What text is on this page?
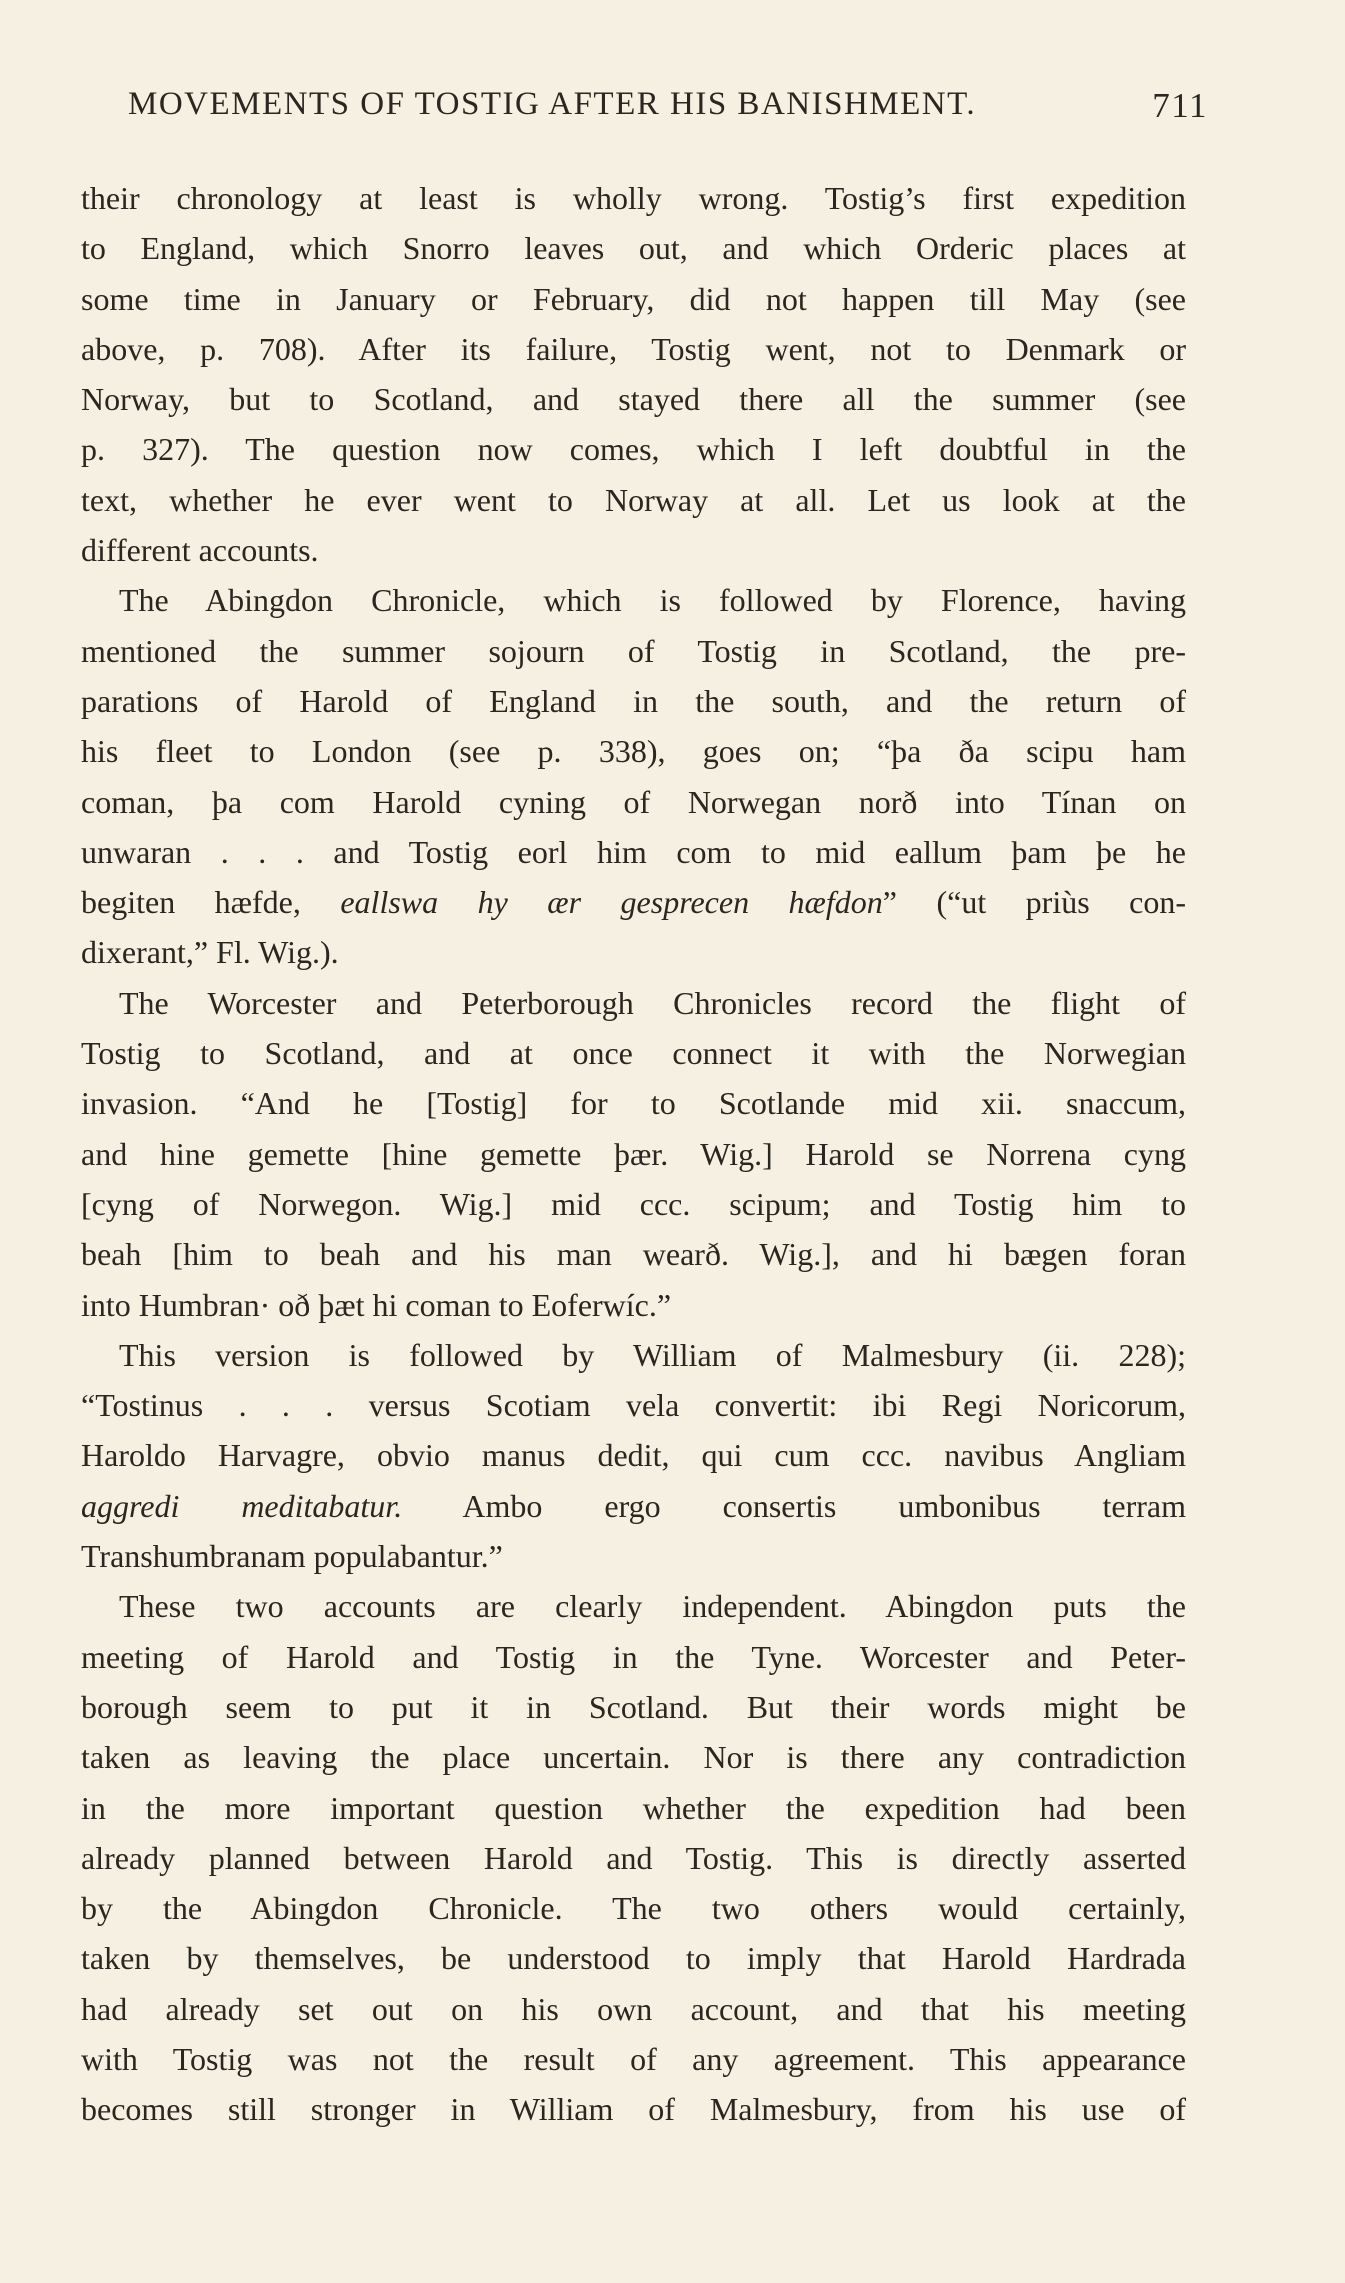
MOVEMENTS OF TOSTIG AFTER HIS BANISHMENT.	711
their chronology at least is wholly wrong. Tostig’s first expedition
to England, which Snorro leaves out, and which Orderic places at
some time in January or February, did not happen till May (see
above, p. 708). After its failure, Tostig went, not to Denmark or
Norway, but to Scotland, and stayed there all the summer (see
p. 327). The question now comes, which I left doubtful in the
text, whether he ever went to Norway at all. Let us look at the
different accounts.
The Abingdon Chronicle, which is followed by Florence, having
mentioned the summer sojourn of Tostig in Scotland, the pre-
parations of Harold of England in the south, and the return of
his fleet to London (see p. 338), goes on; “þa ðа scipu ham
coman, þa com Harold cyning of Norwegan norð into Tínan on
unwaran . . . and Tostig eorl him com to mid eallum þam þe he
begiten hæfde, eallswa hy ær gesprecen hæfdon” (“ut priùs con-
dixerant,” Fl. Wig.).
The Worcester and Peterborough Chronicles record the flight of
Tostig to Scotland, and at once connect it with the Norwegian
invasion. “And he [Tostig] for to Scotlande mid xii. snaccum,
and hine gemette [hine gemette þær. Wig.] Harold se Norrena cyng
[cyng of Norwegon. Wig.] mid ccc. scipum; and Tostig him to
beah [him to beah and his man wearð. Wig.], and hi bægen foran
into Humbran· oð þæt hi coman to Eoferwíc.”
This version is followed by William of Malmesbury (ii. 228);
“Tostinus . . . versus Scotiam vela convertit: ibi Regi Noricorum,
Haroldo Harvagre, obvio manus dedit, qui cum ccc. navibus Angliam
aggredi meditabatur. Ambo ergo consertis umbonibus terram
Transhumbranam populabantur.”
These two accounts are clearly independent. Abingdon puts the
meeting of Harold and Tostig in the Tyne. Worcester and Peter-
borough seem to put it in Scotland. But their words might be
taken as leaving the place uncertain. Nor is there any contradiction
in the more important question whether the expedition had been
already planned between Harold and Tostig. This is directly asserted
by the Abingdon Chronicle. The two others would certainly,
taken by themselves, be understood to imply that Harold Hardrada
had already set out on his own account, and that his meeting
with Tostig was not the result of any agreement. This appearance
becomes still stronger in William of Malmesbury, from his use of
